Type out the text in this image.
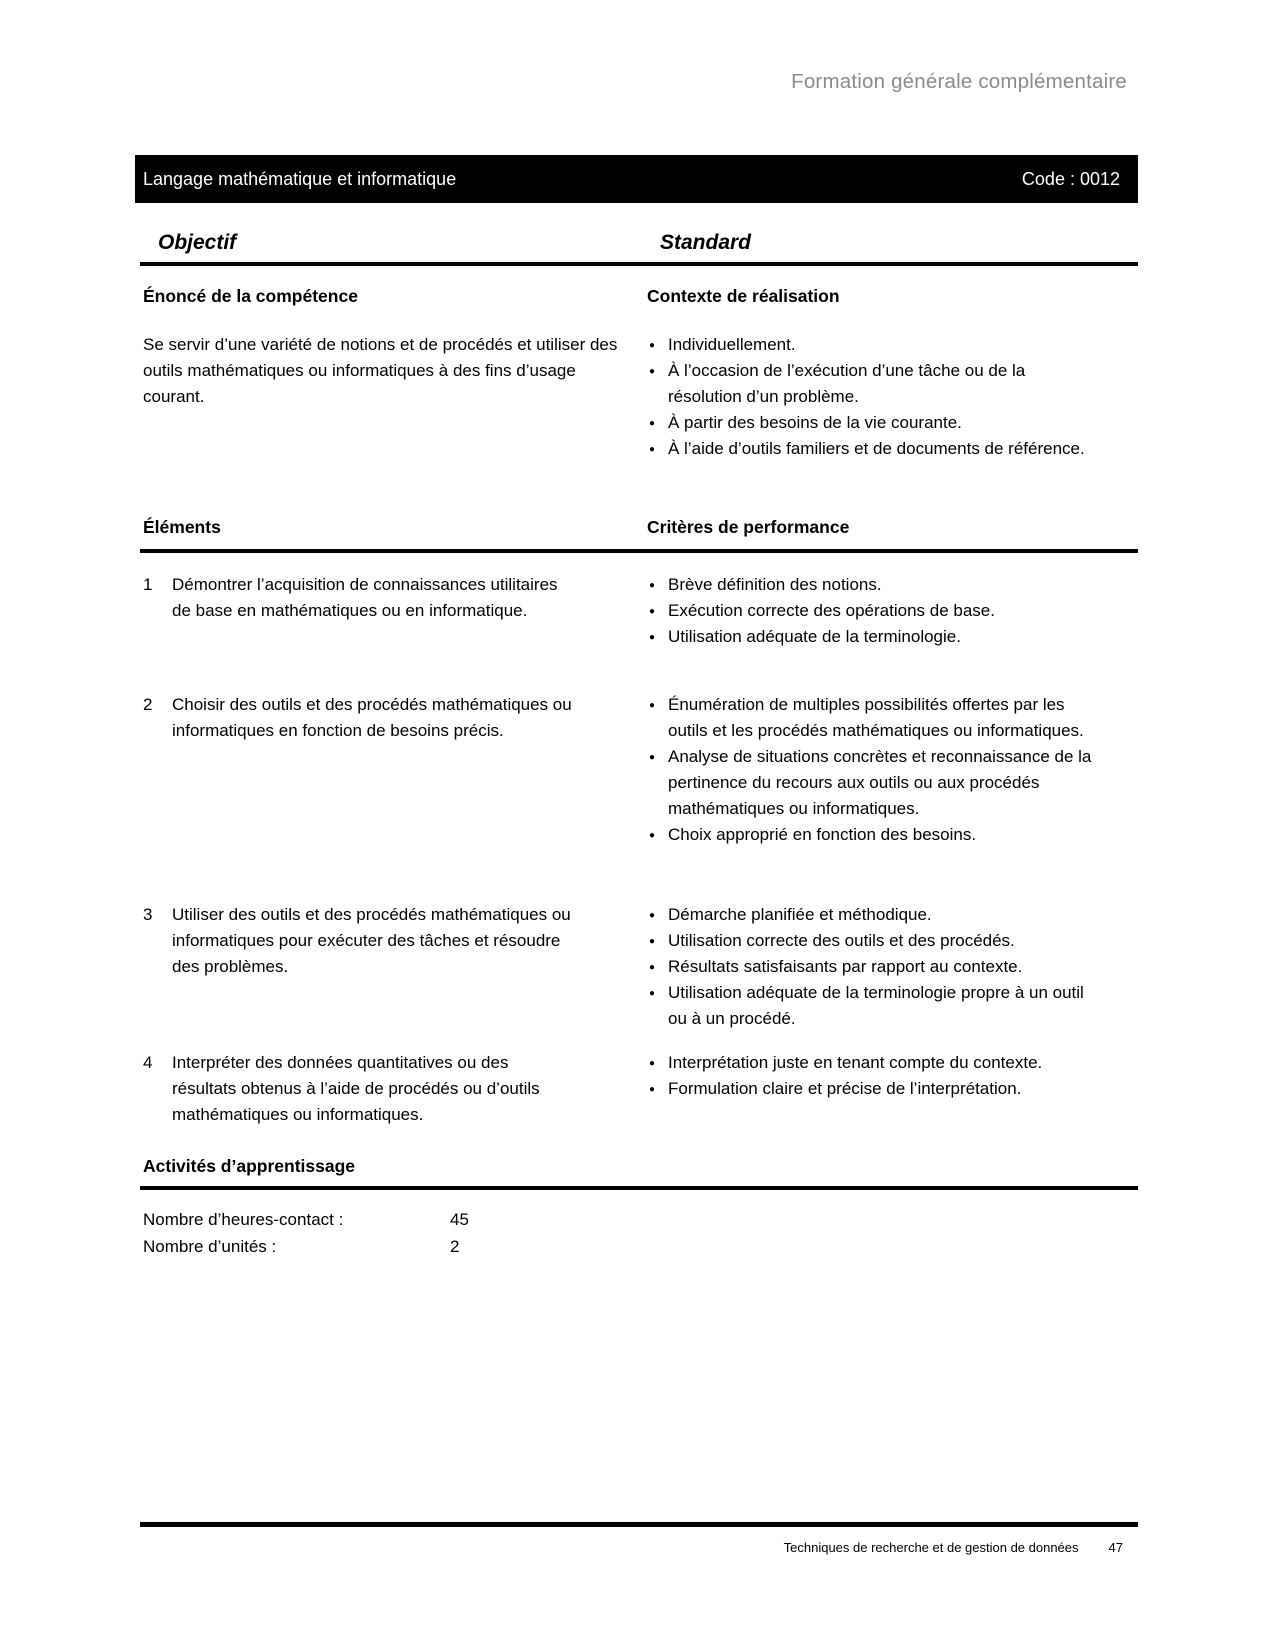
Formation générale complémentaire
Langage mathématique et informatique	Code : 0012
Objectif	Standard
Énoncé de la compétence	Contexte de réalisation
Se servir d’une variété de notions et de procédés et utiliser des outils mathématiques ou informatiques à des fins d’usage courant.
● Individuellement.
● À l’occasion de l’exécution d’une tâche ou de la résolution d’un problème.
● À partir des besoins de la vie courante.
● À l’aide d’outils familiers et de documents de référence.
Éléments	Critères de performance
1	Démontrer l’acquisition de connaissances utilitaires de base en mathématiques ou en informatique.
● Brève définition des notions.
● Exécution correcte des opérations de base.
● Utilisation adéquate de la terminologie.
2	Choisir des outils et des procédés mathématiques ou informatiques en fonction de besoins précis.
● Énumération de multiples possibilités offertes par les outils et les procédés mathématiques ou informatiques.
● Analyse de situations concrètes et reconnaissance de la pertinence du recours aux outils ou aux procédés mathématiques ou informatiques.
● Choix approprié en fonction des besoins.
3	Utiliser des outils et des procédés mathématiques ou informatiques pour exécuter des tâches et résoudre des problèmes.
● Démarche planifiée et méthodique.
● Utilisation correcte des outils et des procédés.
● Résultats satisfaisants par rapport au contexte.
● Utilisation adéquate de la terminologie propre à un outil ou à un procédé.
4	Interpréter des données quantitatives ou des résultats obtenus à l’aide de procédés ou d’outils mathématiques ou informatiques.
● Interprétation juste en tenant compte du contexte.
● Formulation claire et précise de l’interprétation.
Activités d’apprentissage
Nombre d’heures-contact :	45
Nombre d’unités :	2
Techniques de recherche et de gestion de données 47
